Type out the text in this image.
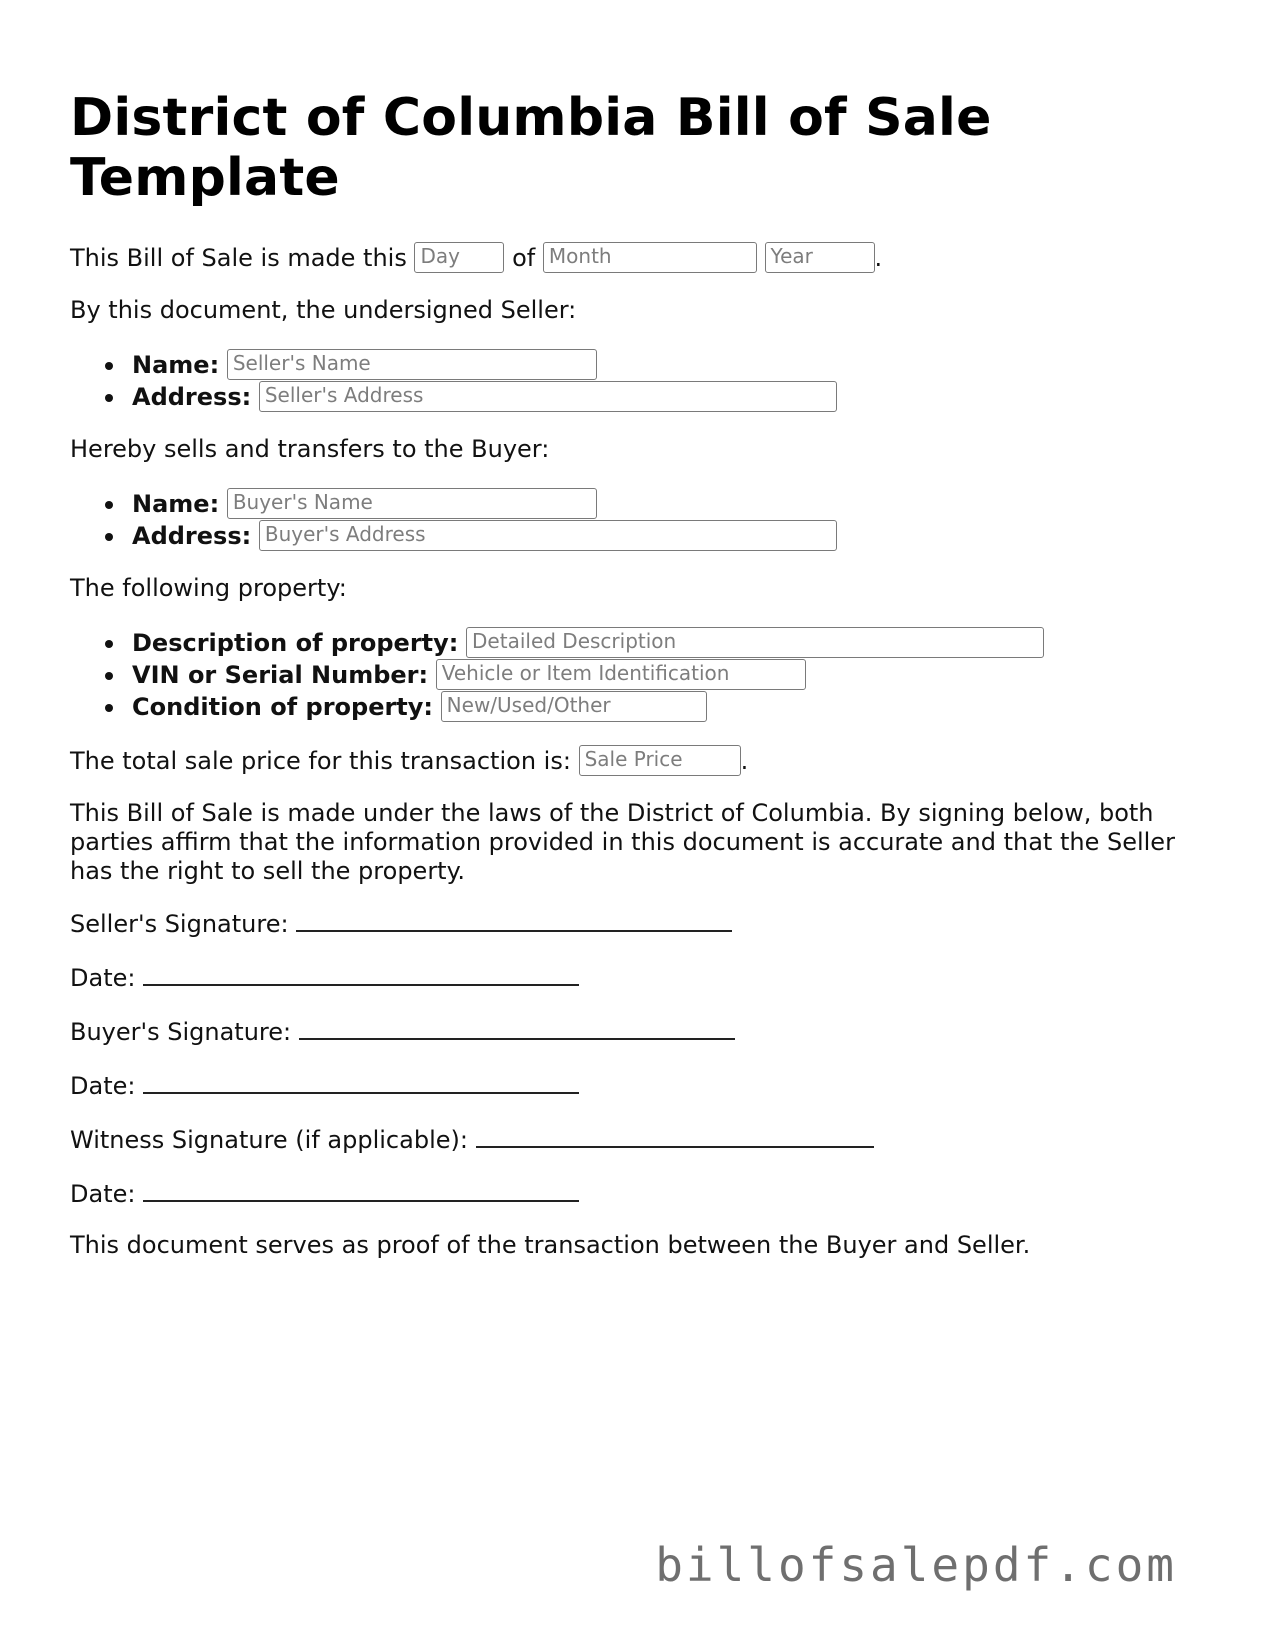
District of Columbia Bill of Sale Template
This Bill of Sale is made this Day of Month	Year	.

By this document, the undersigned Seller:

Name: Seller's Name
Address: Seller's Address

Hereby sells and transfers to the Buyer:

Name: Buyer's Name
Address: Buyer's Address

The following property:

Description of property: Detailed Description
VIN or Serial Number: Vehicle or Item Identification
Condition of property: New/Used/Other
The total sale price for this transaction is: Sale Price .

This Bill of Sale is made under the laws of the District of Columbia. By signing below, both parties affirm that the information provided in this document is accurate and that the Seller has the right to sell the property.

Seller's Signature:
Date:
Buyer's Signature:
Date:
Witness Signature (if applicable):
Date:

This document serves as proof of the transaction between the Buyer and Seller.

billofsalepdf.com
